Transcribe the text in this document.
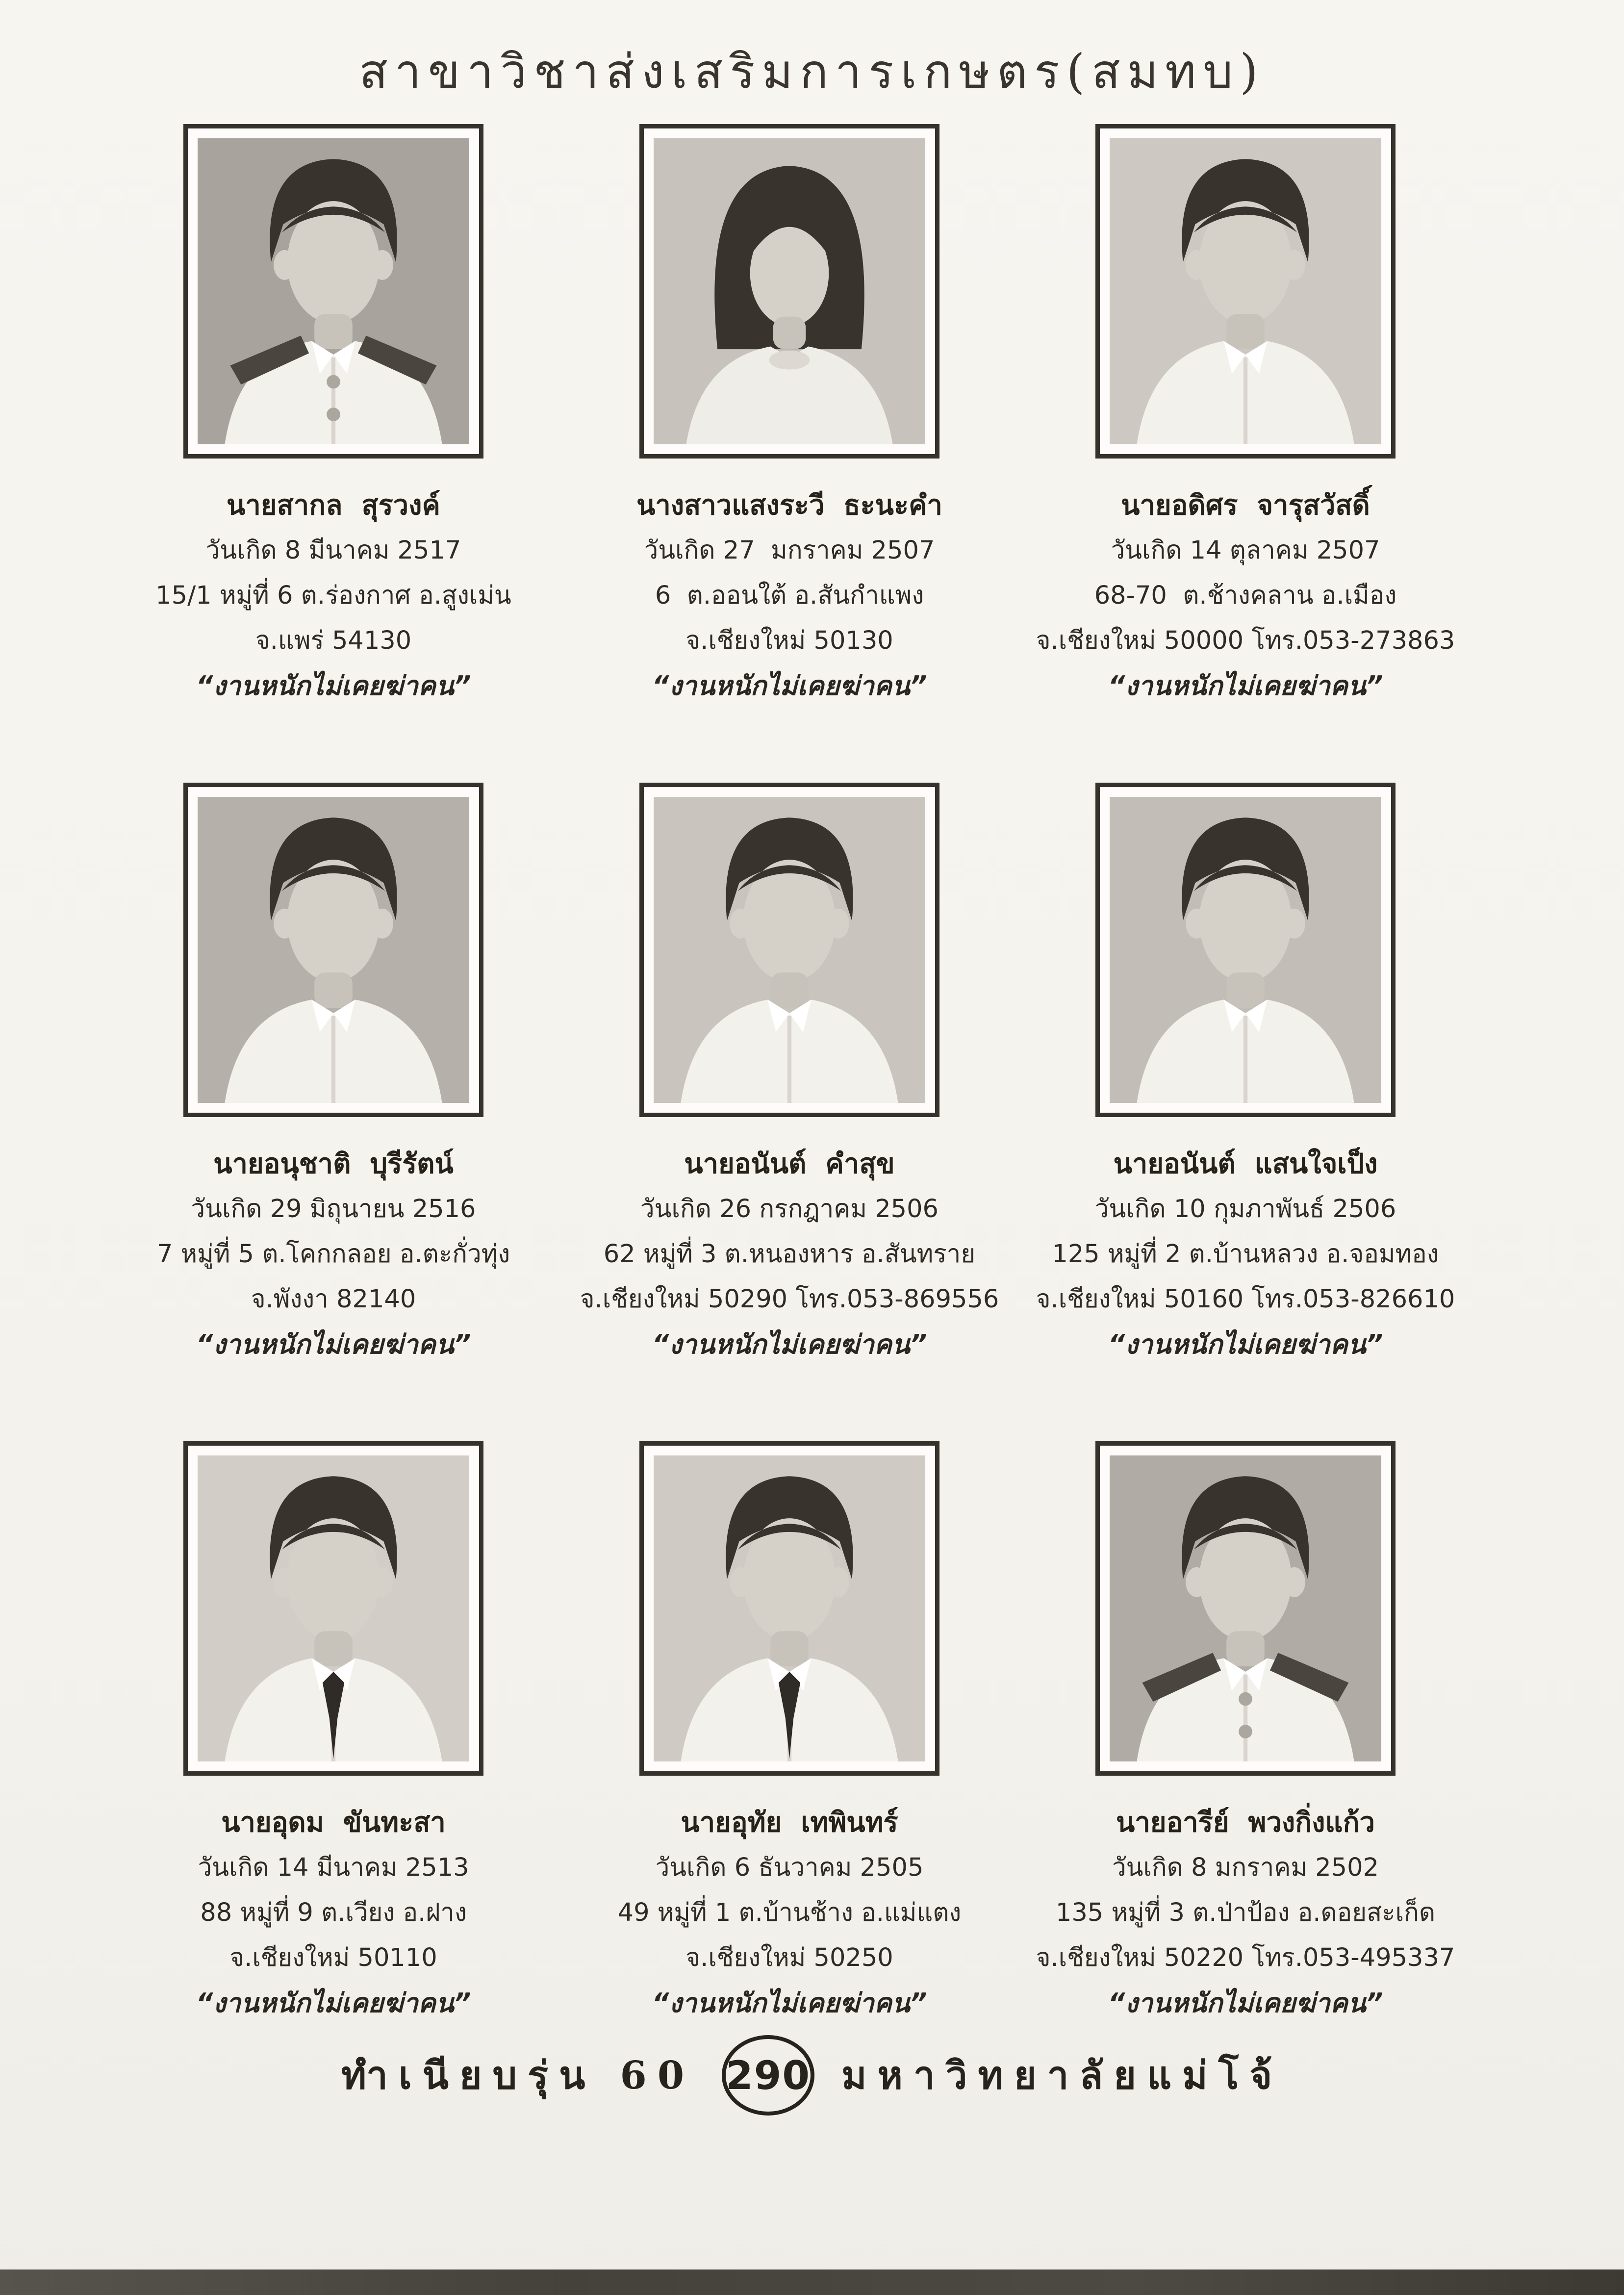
สาขาวิชาส่งเสริมการเกษตร(สมทบ)
นายสากล  สุรวงค์
วันเกิด 8 มีนาคม 2517
15/1 หมู่ที่ 6 ต.ร่องกาศ อ.สูงเม่น
จ.แพร่ 54130
“งานหนักไม่เคยฆ่าคน”
นางสาวแสงระวี  ธะนะคำ
วันเกิด 27  มกราคม 2507
6  ต.ออนใต้ อ.สันกำแพง
จ.เชียงใหม่ 50130
“งานหนักไม่เคยฆ่าคน”
นายอดิศร  จารุสวัสดิ์
วันเกิด 14 ตุลาคม 2507
68-70  ต.ช้างคลาน อ.เมือง
จ.เชียงใหม่ 50000 โทร.053-273863
“งานหนักไม่เคยฆ่าคน”
นายอนุชาติ  บุรีรัตน์
วันเกิด 29 มิถุนายน 2516
7 หมู่ที่ 5 ต.โคกกลอย อ.ตะกั่วทุ่ง
จ.พังงา 82140
“งานหนักไม่เคยฆ่าคน”
นายอนันต์  คำสุข
วันเกิด 26 กรกฎาคม 2506
62 หมู่ที่ 3 ต.หนองหาร อ.สันทราย
จ.เชียงใหม่ 50290 โทร.053-869556
“งานหนักไม่เคยฆ่าคน”
นายอนันต์  แสนใจเป็ง
วันเกิด 10 กุมภาพันธ์ 2506
125 หมู่ที่ 2 ต.บ้านหลวง อ.จอมทอง
จ.เชียงใหม่ 50160 โทร.053-826610
“งานหนักไม่เคยฆ่าคน”
นายอุดม  ขันทะสา
วันเกิด 14 มีนาคม 2513
88 หมู่ที่ 9 ต.เวียง อ.ฝาง
จ.เชียงใหม่ 50110
“งานหนักไม่เคยฆ่าคน”
นายอุทัย  เทพินทร์
วันเกิด 6 ธันวาคม 2505
49 หมู่ที่ 1 ต.บ้านช้าง อ.แม่แตง
จ.เชียงใหม่ 50250
“งานหนักไม่เคยฆ่าคน”
นายอารีย์  พวงกิ่งแก้ว
วันเกิด 8 มกราคม 2502
135 หมู่ที่ 3 ต.ป่าป้อง อ.ดอยสะเก็ด
จ.เชียงใหม่ 50220 โทร.053-495337
“งานหนักไม่เคยฆ่าคน”
ทำเนียบรุ่น 60 290 มหาวิทยาลัยแม่โจ้
